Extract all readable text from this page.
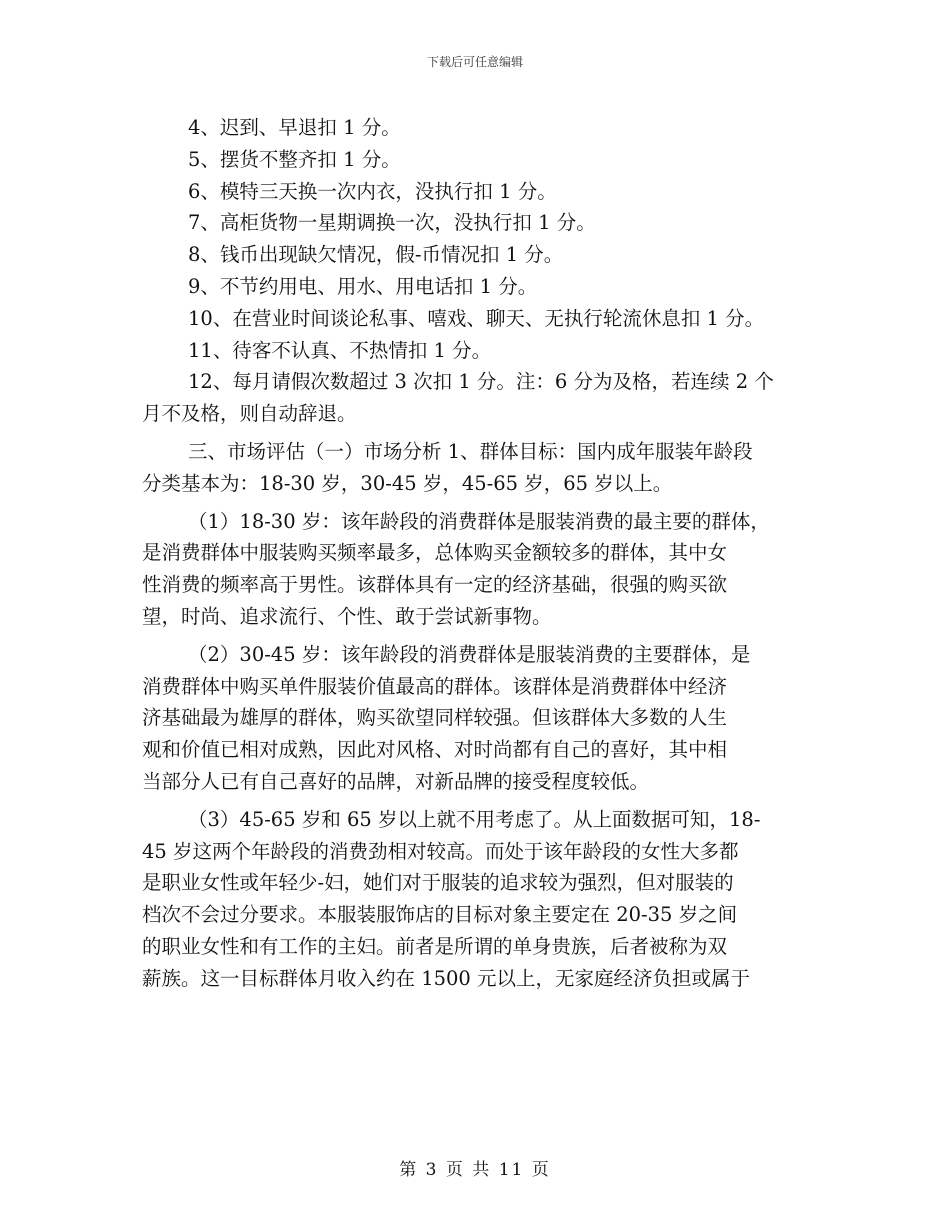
下载后可任意编辑
4、迟到、早退扣 1 分。
5、摆货不整齐扣 1 分。
6、模特三天换一次内衣，没执行扣 1 分。
7、高柜货物一星期调换一次，没执行扣 1 分。
8、钱币出现缺欠情况，假-币情况扣 1 分。
9、不节约用电、用水、用电话扣 1 分。
10、在营业时间谈论私事、嘻戏、聊天、无执行轮流休息扣 1 分。
11、待客不认真、不热情扣 1 分。
12、每月请假次数超过 3 次扣 1 分。注：6 分为及格，若连续 2 个
月不及格，则自动辞退。
三、市场评估（一）市场分析 1、群体目标：国内成年服装年龄段
分类基本为：18-30 岁，30-45 岁，45-65 岁，65 岁以上。
（1）18-30 岁：该年龄段的消费群体是服装消费的最主要的群体，
是消费群体中服装购买频率最多，总体购买金额较多的群体，其中女
性消费的频率高于男性。该群体具有一定的经济基础，很强的购买欲
望，时尚、追求流行、个性、敢于尝试新事物。
（2）30-45 岁：该年龄段的消费群体是服装消费的主要群体，是
消费群体中购买单件服装价值最高的群体。该群体是消费群体中经济
济基础最为雄厚的群体，购买欲望同样较强。但该群体大多数的人生
观和价值已相对成熟，因此对风格、对时尚都有自己的喜好，其中相
当部分人已有自己喜好的品牌，对新品牌的接受程度较低。
（3）45-65 岁和 65 岁以上就不用考虑了。从上面数据可知，18-
45 岁这两个年龄段的消费劲相对较高。而处于该年龄段的女性大多都
是职业女性或年轻少-妇，她们对于服装的追求较为强烈，但对服装的
档次不会过分要求。本服装服饰店的目标对象主要定在 20-35 岁之间
的职业女性和有工作的主妇。前者是所谓的单身贵族，后者被称为双
薪族。这一目标群体月收入约在 1500 元以上，无家庭经济负担或属于
第 3 页 共 11 页
